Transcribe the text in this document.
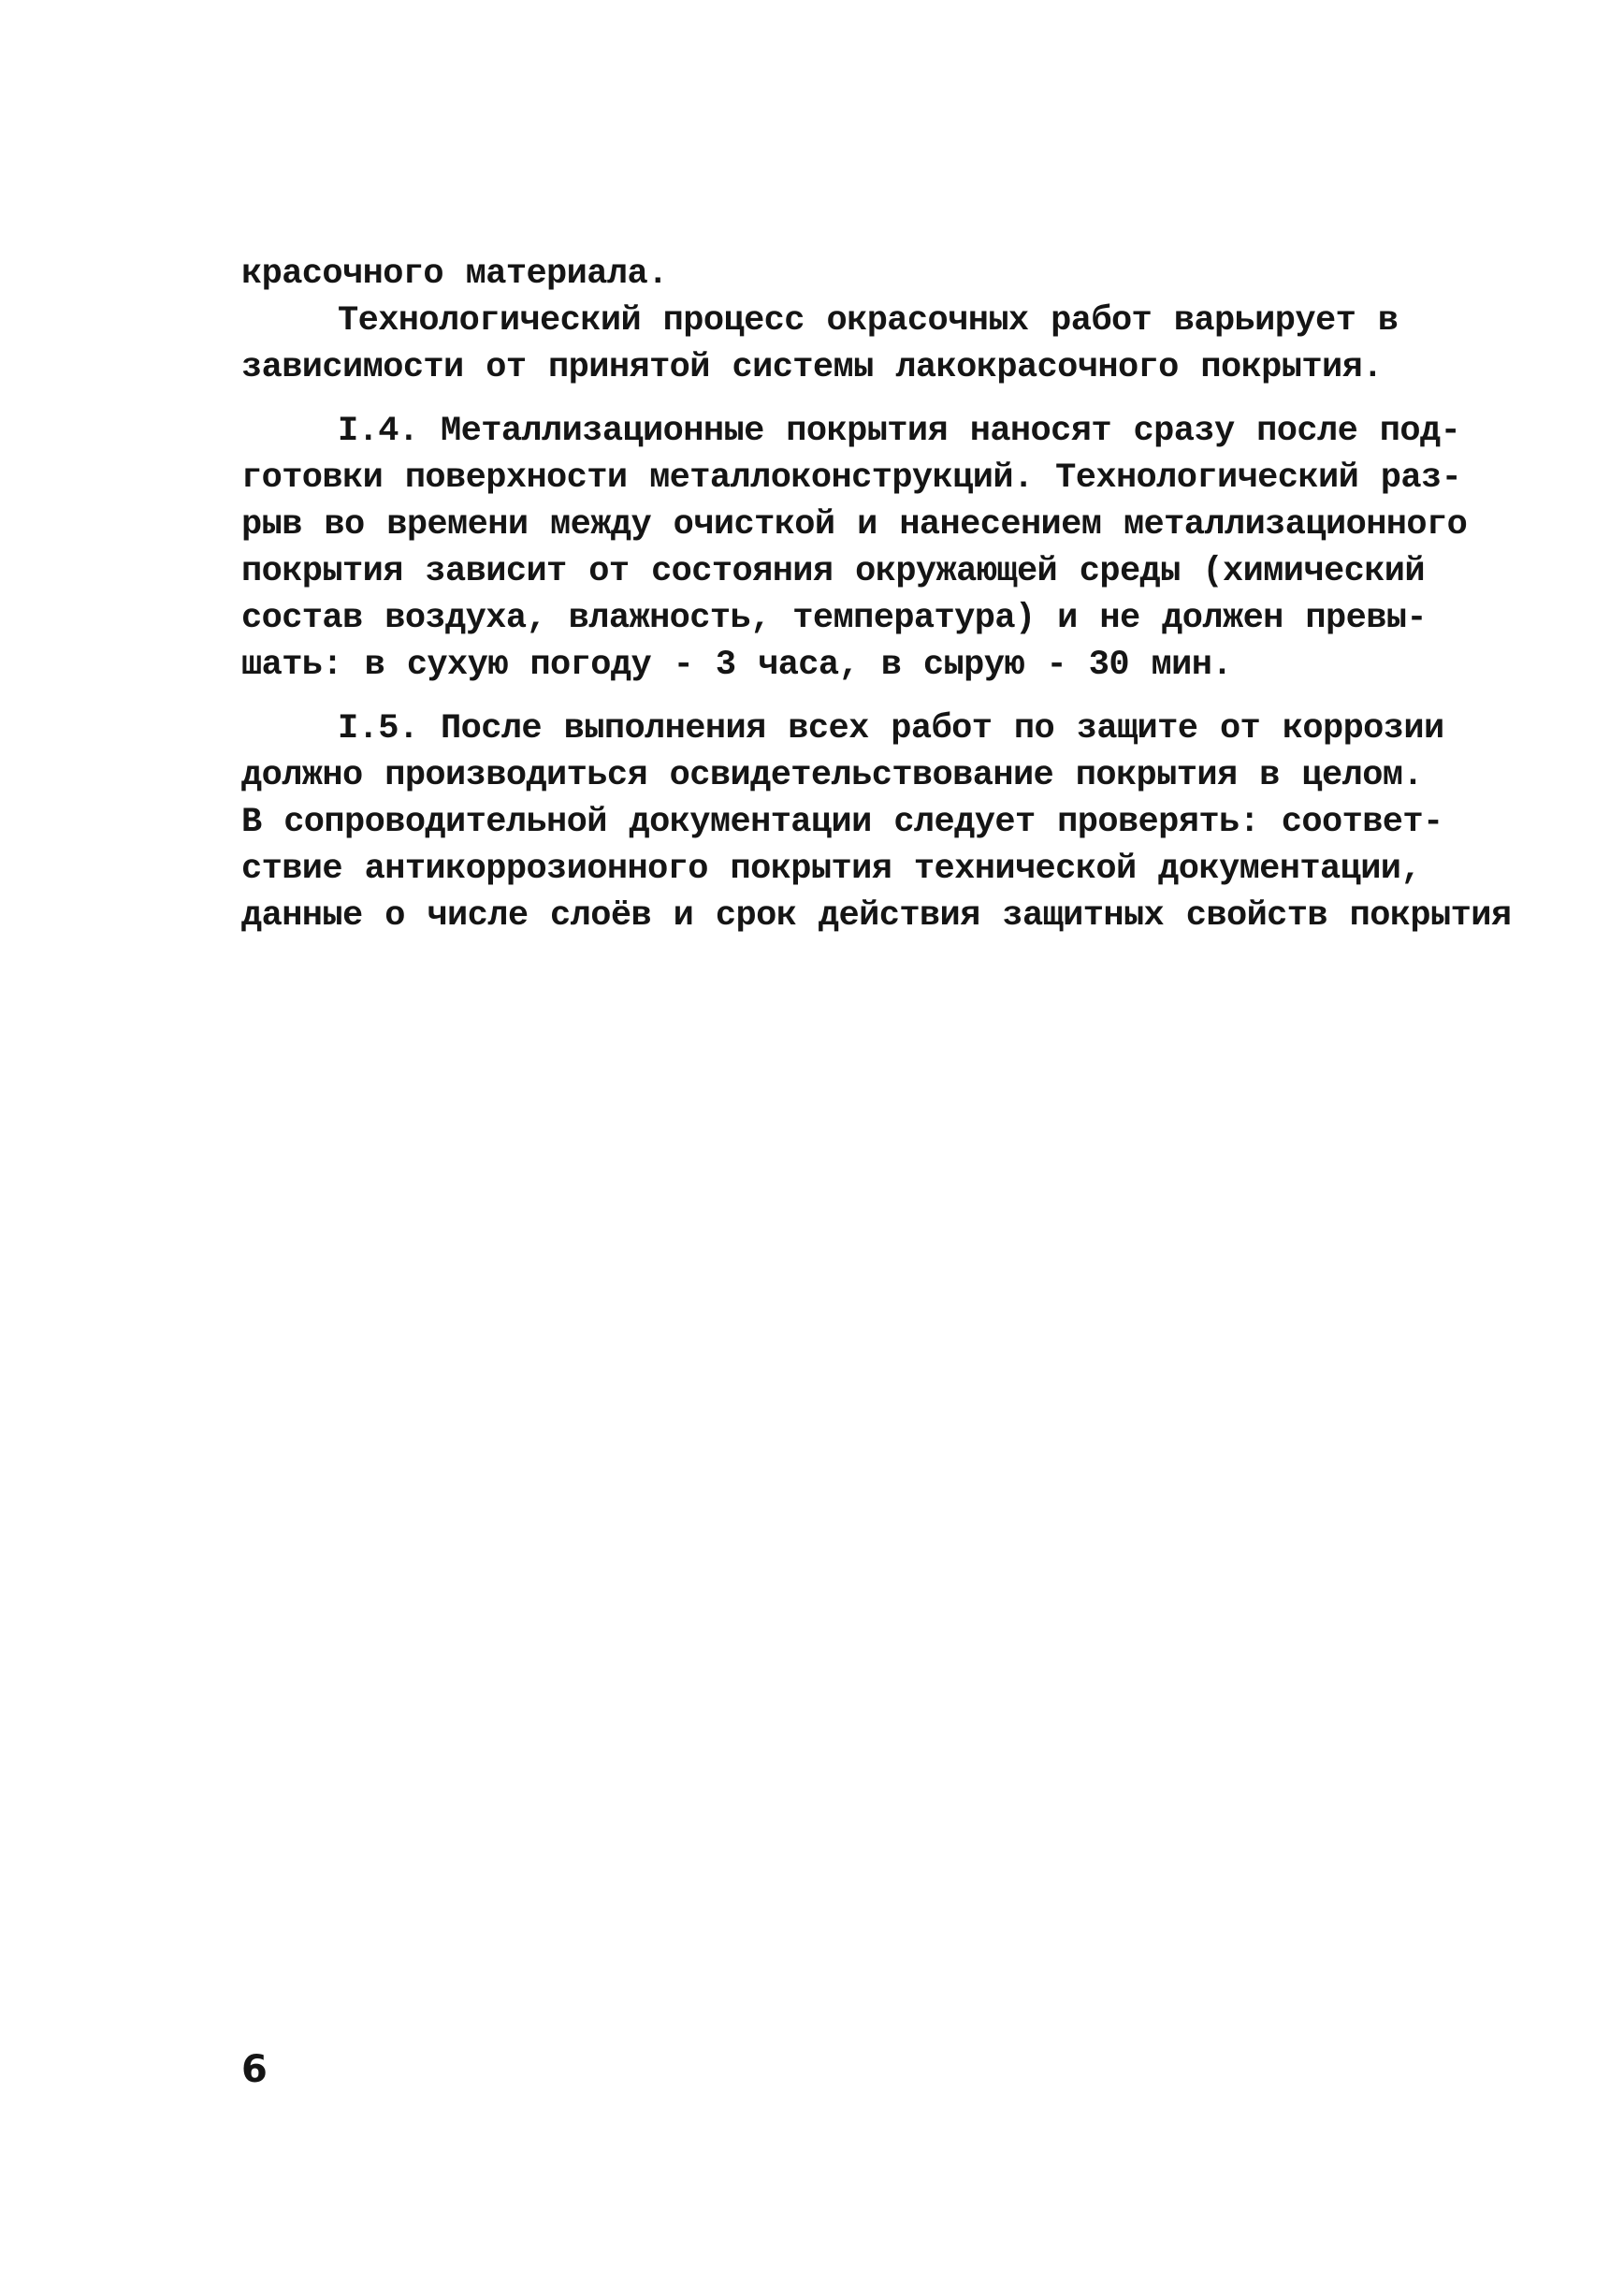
красочного материала.
Технологический процесс окрасочных работ варьирует в
зависимости от принятой системы лакокрасочного покрытия.
I.4. Металлизационные покрытия наносят сразу после под-
готовки поверхности металлоконструкций. Технологический раз-
рыв во времени между очисткой и нанесением металлизационного
покрытия зависит от состояния окружающей среды (химический
состав воздуха, влажность, температура) и не должен превы-
шать: в сухую погоду - 3 часа, в сырую - 30 мин.
I.5. После выполнения всех работ по защите от коррозии
должно производиться освидетельствование покрытия в целом.
В сопроводительной документации следует проверять: соответ-
ствие антикоррозионного покрытия технической документации,
данные о числе слоёв и срок действия защитных свойств покрытия
6
